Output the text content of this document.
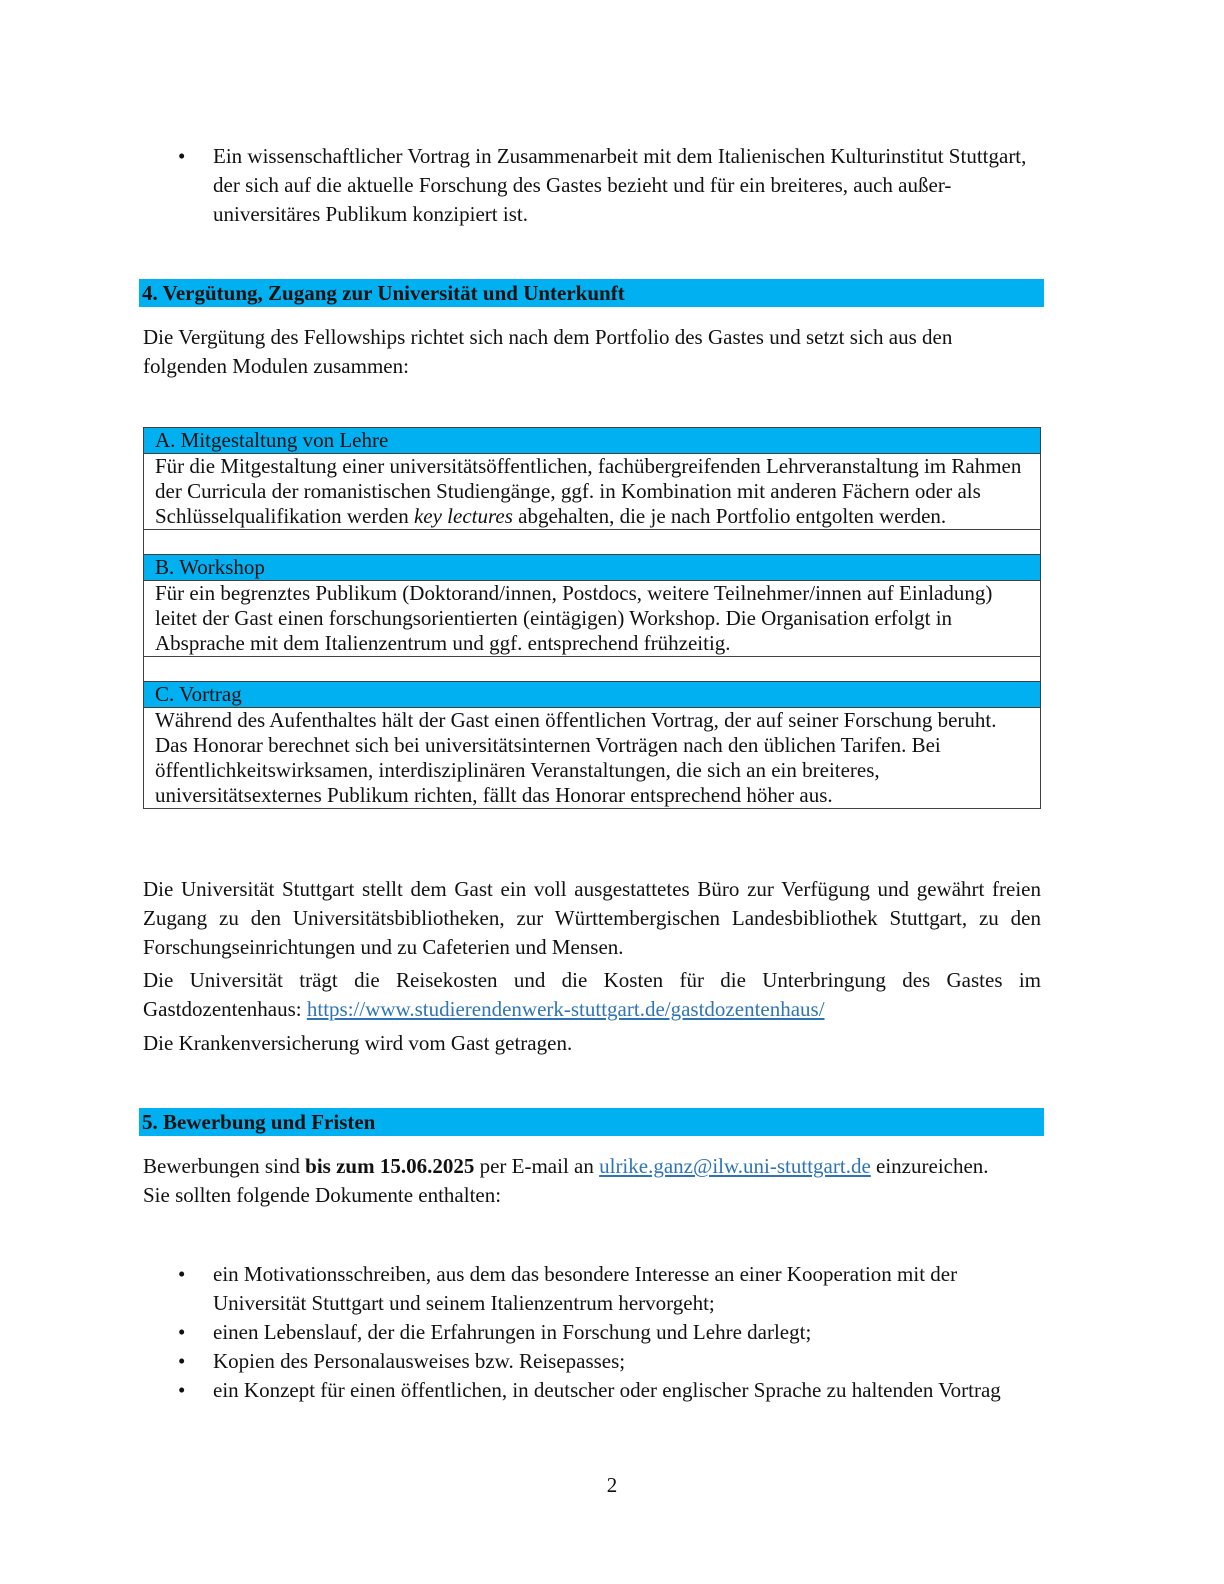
• Ein wissenschaftlicher Vortrag in Zusammenarbeit mit dem Italienischen Kulturinstitut Stuttgart, der sich auf die aktuelle Forschung des Gastes bezieht und für ein breiteres, auch außer-universitäres Publikum konzipiert ist.
4. Vergütung, Zugang zur Universität und Unterkunft
Die Vergütung des Fellowships richtet sich nach dem Portfolio des Gastes und setzt sich aus den folgenden Modulen zusammen:
A. Mitgestaltung von Lehre
Für die Mitgestaltung einer universitätsöffentlichen, fachübergreifenden Lehrveranstaltung im Rahmen der Curricula der romanistischen Studiengänge, ggf. in Kombination mit anderen Fächern oder als Schlüsselqualifikation werden key lectures abgehalten, die je nach Portfolio entgolten werden.

B. Workshop
Für ein begrenztes Publikum (Doktorand/innen, Postdocs, weitere Teilnehmer/innen auf Einladung) leitet der Gast einen forschungsorientierten (eintägigen) Workshop. Die Organisation erfolgt in Absprache mit dem Italienzentrum und ggf. entsprechend frühzeitig.

C. Vortrag
Während des Aufenthaltes hält der Gast einen öffentlichen Vortrag, der auf seiner Forschung beruht. Das Honorar berechnet sich bei universitätsinternen Vorträgen nach den üblichen Tarifen. Bei öffentlichkeitswirksamen, interdisziplinären Veranstaltungen, die sich an ein breiteres, universitätsexternes Publikum richten, fällt das Honorar entsprechend höher aus.
Die Universität Stuttgart stellt dem Gast ein voll ausgestattetes Büro zur Verfügung und gewährt freien Zugang zu den Universitätsbibliotheken, zur Württembergischen Landesbibliothek Stuttgart, zu den Forschungseinrichtungen und zu Cafeterien und Mensen.
Die Universität trägt die Reisekosten und die Kosten für die Unterbringung des Gastes im Gastdozentenhaus: https://www.studierendenwerk-stuttgart.de/gastdozentenhaus/
Die Krankenversicherung wird vom Gast getragen.
5. Bewerbung und Fristen
Bewerbungen sind bis zum 15.06.2025 per E-mail an ulrike.ganz@ilw.uni-stuttgart.de einzureichen.
Sie sollten folgende Dokumente enthalten:
• ein Motivationsschreiben, aus dem das besondere Interesse an einer Kooperation mit der Universität Stuttgart und seinem Italienzentrum hervorgeht;
• einen Lebenslauf, der die Erfahrungen in Forschung und Lehre darlegt;
• Kopien des Personalausweises bzw. Reisepasses;
• ein Konzept für einen öffentlichen, in deutscher oder englischer Sprache zu haltenden Vortrag
2
